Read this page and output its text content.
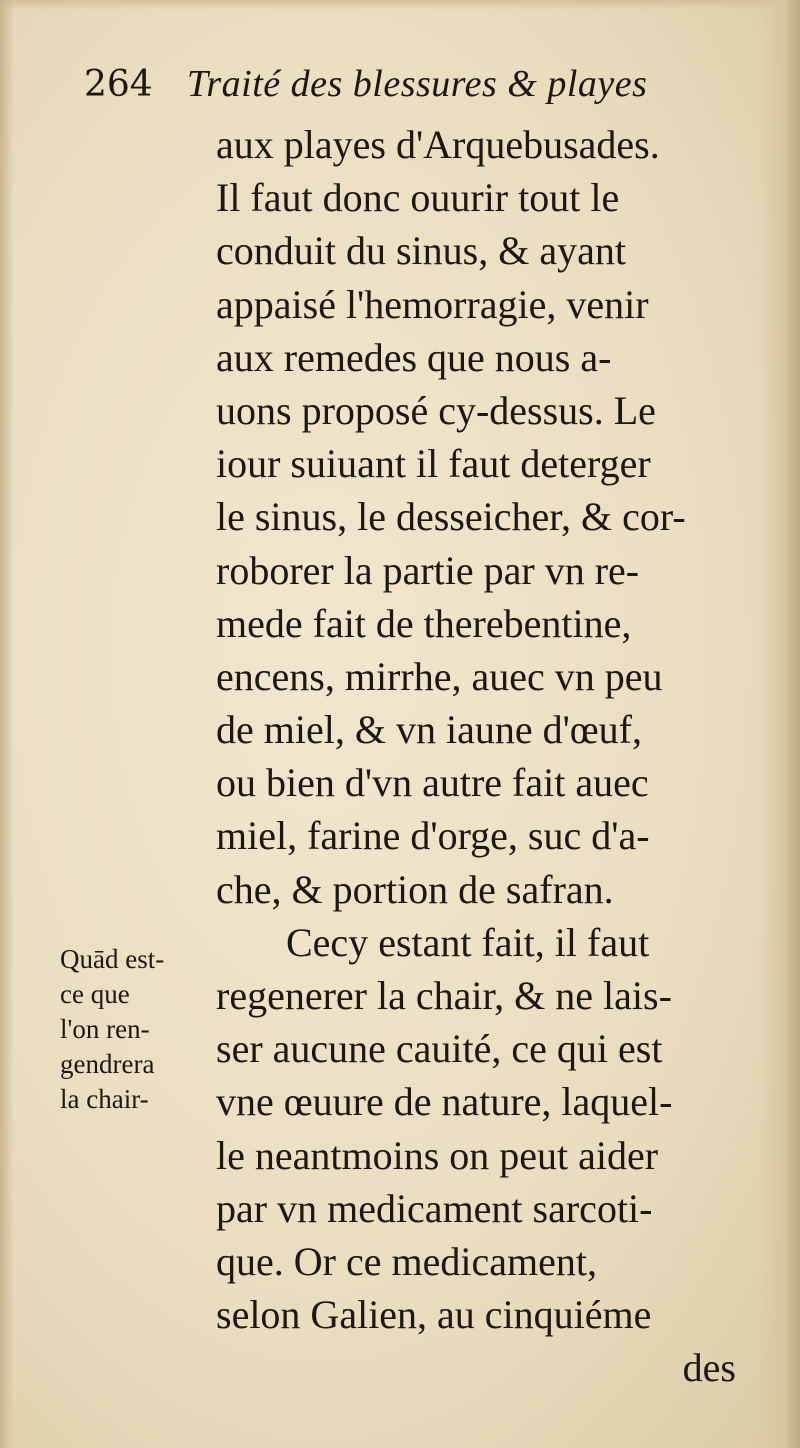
264 Traité des blessures & playes
aux playes d'Arquebusades.
Il faut donc ouurir tout le
conduit du sinus, & ayant
appaisé l'hemorragie, venir
aux remedes que nous a-
uons proposé cy-dessus. Le
iour suiuant il faut deterger
le sinus, le desseicher, & cor-
roborer la partie par vn re-
mede fait de therebentine,
encens, mirrhe, auec vn peu
de miel, & vn iaune d'œuf,
ou bien d'vn autre fait auec
miel, farine d'orge, suc d'a-
che, & portion de safran.
Cecy estant fait, il faut
regenerer la chair, & ne lais-
ser aucune cauité, ce qui est
vne œuure de nature, laquel-
le neantmoins on peut aider
par vn medicament sarcoti-
que. Or ce medicament,
selon Galien, au cinquiéme
des
Quād est-
ce que
l'on ren-
gendrera
la chair-
